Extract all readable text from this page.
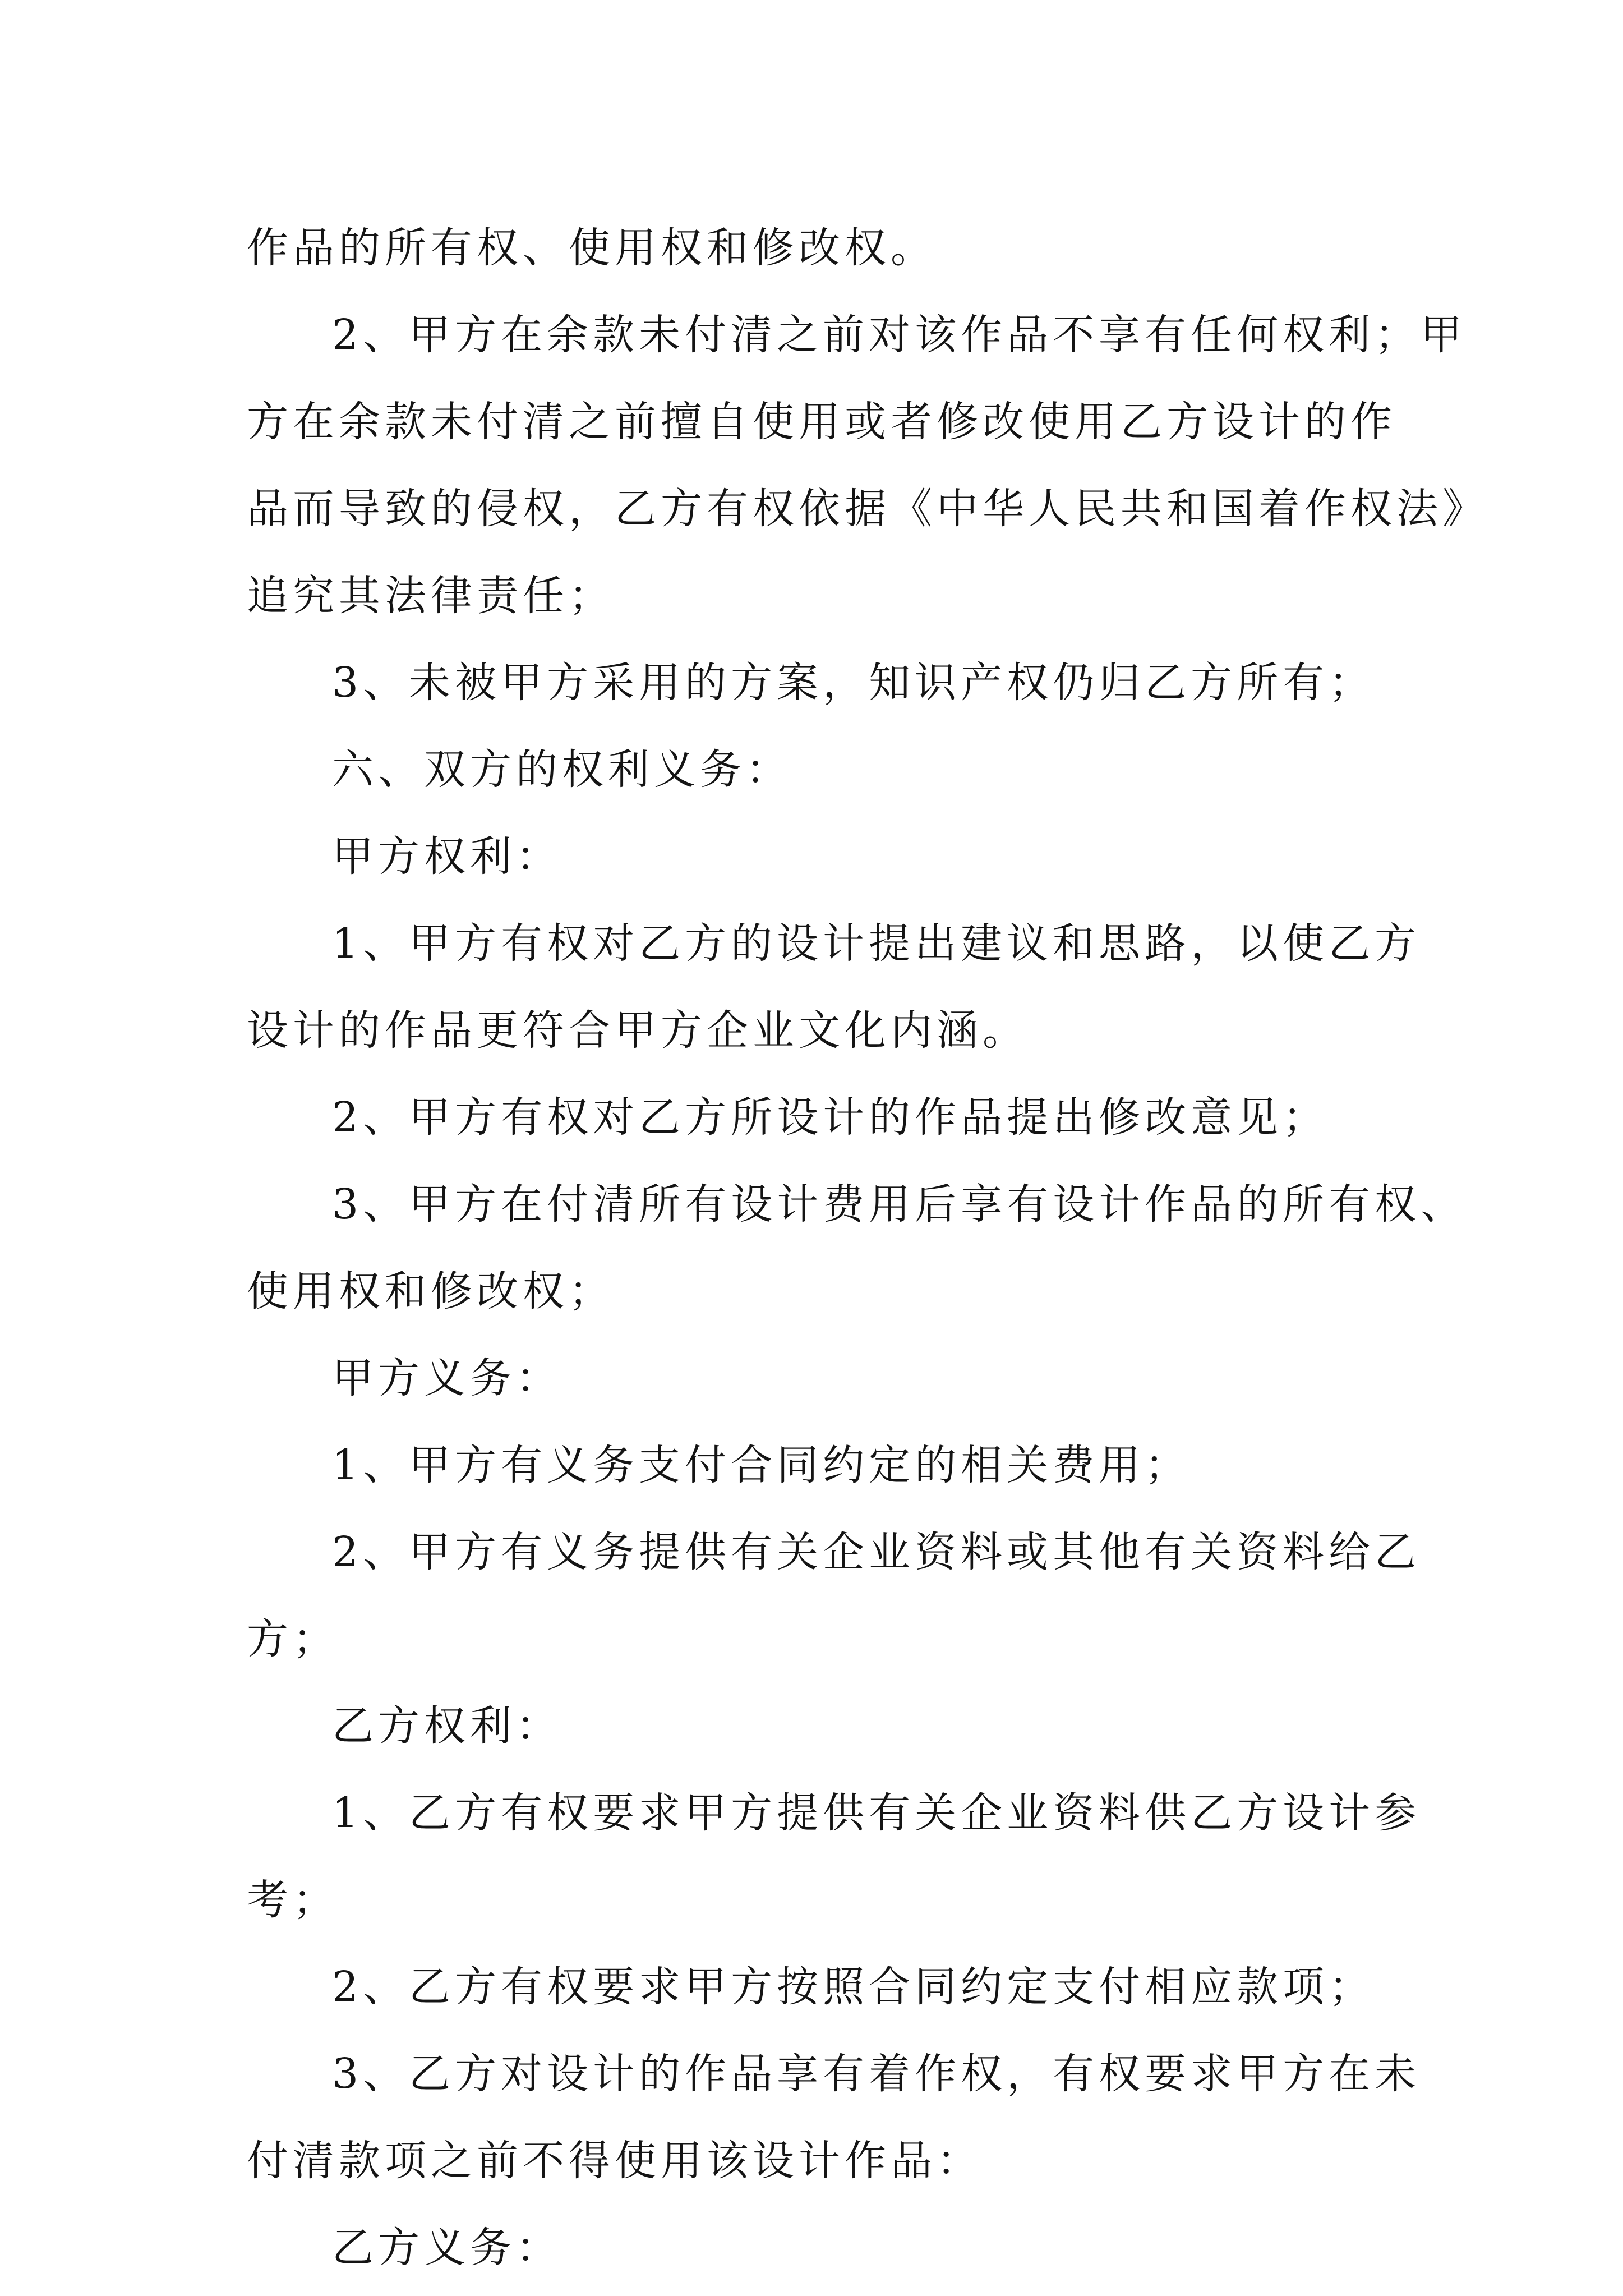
作品的所有权、使用权和修改权。
2、甲方在余款未付清之前对该作品不享有任何权利；甲
方在余款未付清之前擅自使用或者修改使用乙方设计的作
品而导致的侵权，乙方有权依据《中华人民共和国着作权法》
追究其法律责任；
3、未被甲方采用的方案，知识产权仍归乙方所有；
六、双方的权利义务：
甲方权利：
1、甲方有权对乙方的设计提出建议和思路，以使乙方
设计的作品更符合甲方企业文化内涵。
2、甲方有权对乙方所设计的作品提出修改意见；
3、甲方在付清所有设计费用后享有设计作品的所有权、
使用权和修改权；
甲方义务：
1、甲方有义务支付合同约定的相关费用；
2、甲方有义务提供有关企业资料或其他有关资料给乙
方；
乙方权利：
1、乙方有权要求甲方提供有关企业资料供乙方设计参
考；
2、乙方有权要求甲方按照合同约定支付相应款项；
3、乙方对设计的作品享有着作权，有权要求甲方在未
付清款项之前不得使用该设计作品：
乙方义务：
